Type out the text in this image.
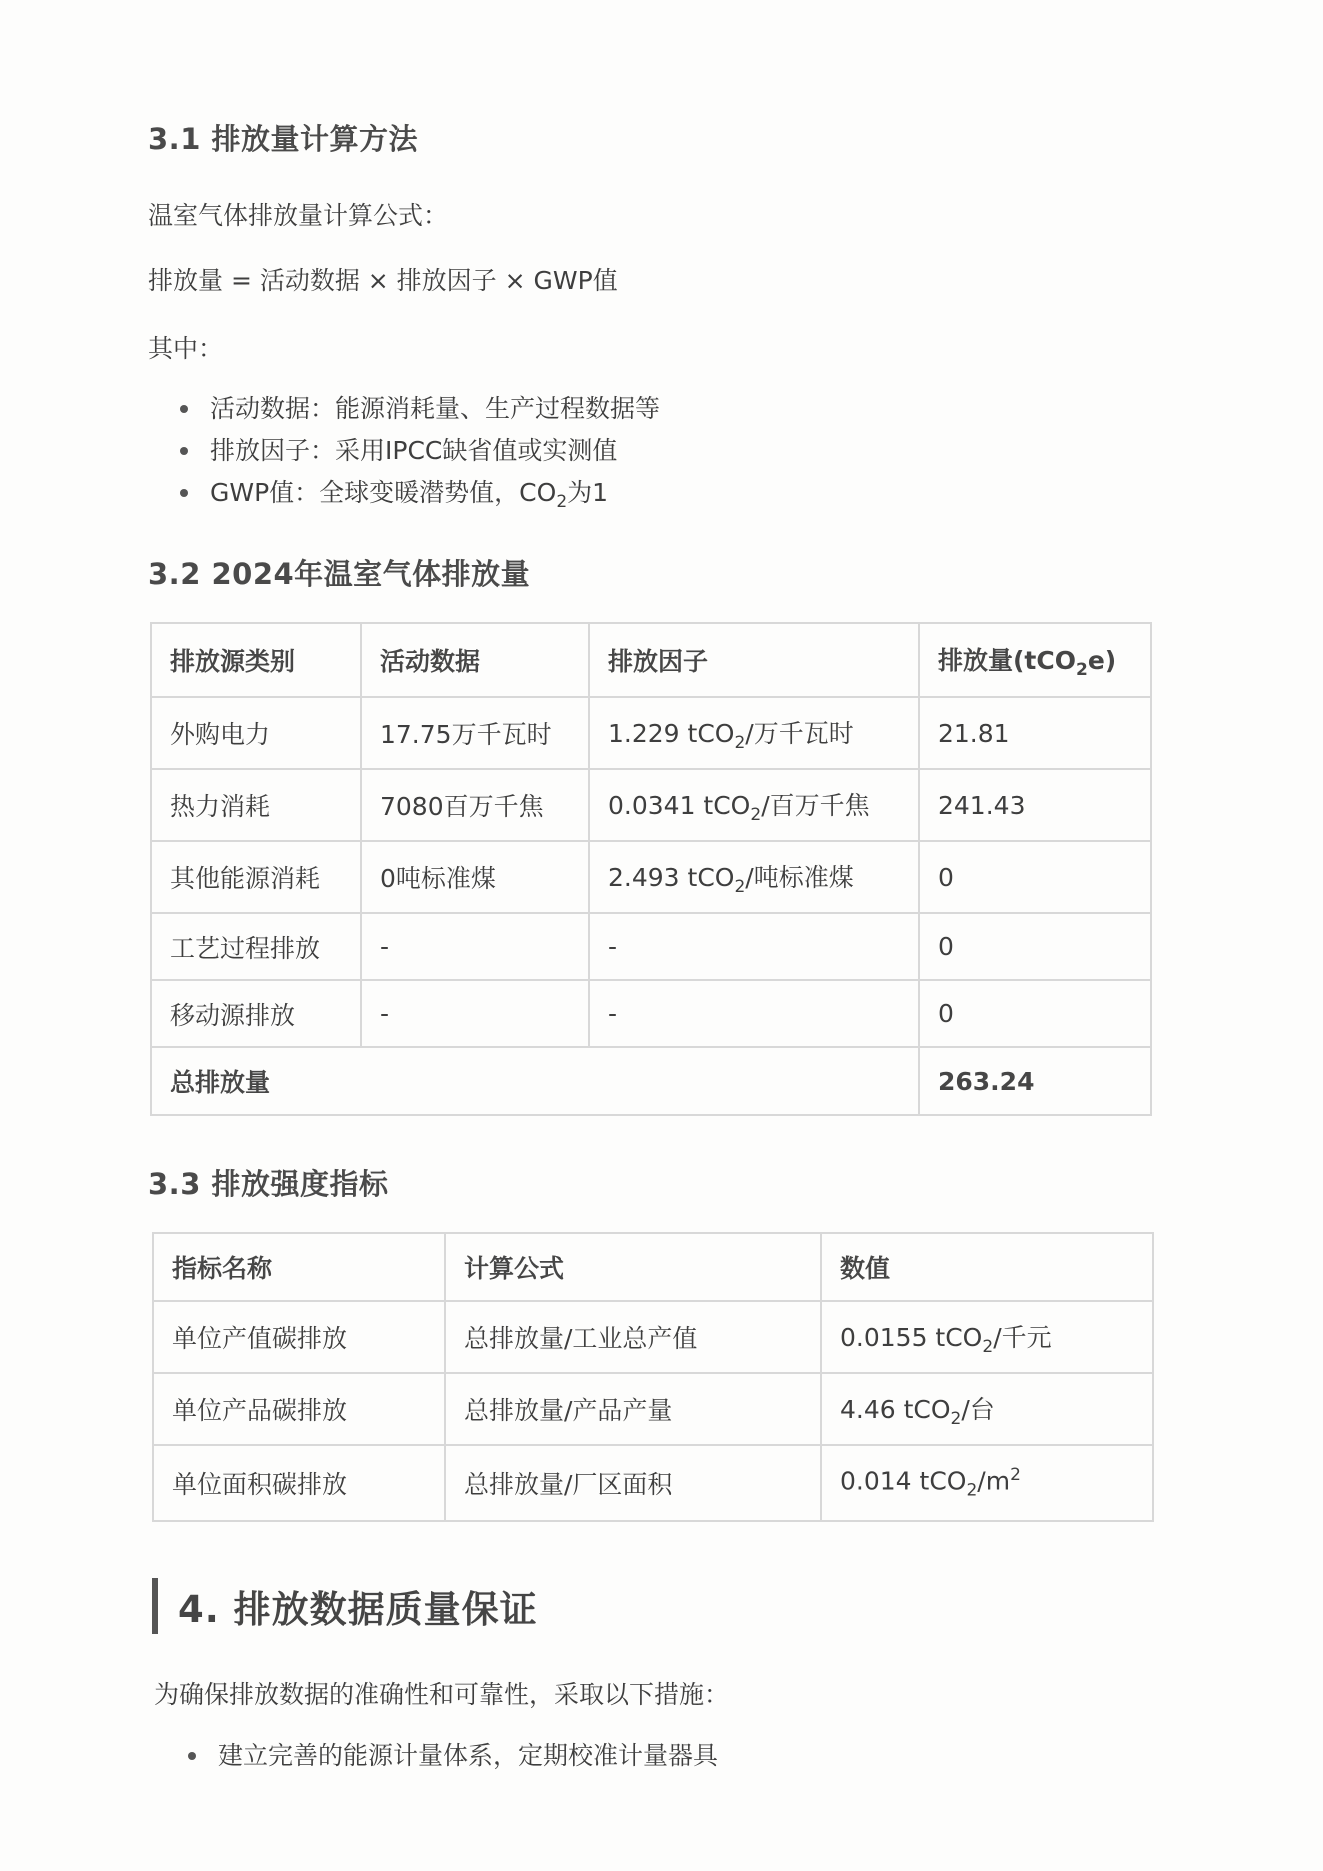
3.1 排放量计算方法
温室气体排放量计算公式：
排放量 = 活动数据 × 排放因子 × GWP值
其中：
活动数据：能源消耗量、生产过程数据等
排放因子：采用IPCC缺省值或实测值
GWP值：全球变暖潜势值，$CO_2$为1
3.2 2024年温室气体排放量
排放源类别	活动数据	排放因子	排放量(tCO$_2$e)
外购电力	17.75万千瓦时	1.229 tCO$_2$/万千瓦时	21.81
热力消耗	7080百万千焦	0.0341 tCO$_2$/百万千焦	241.43
其他能源消耗	0吨标准煤	2.493 tCO$_2$/吨标准煤	0
工艺过程排放	-	-	0
移动源排放	-	-	0
总排放量			263.24
3.3 排放强度指标
指标名称	计算公式	数值
单位产值碳排放	总排放量/工业总产值	0.0155 tCO$_2$/千元
单位产品碳排放	总排放量/产品产量	4.46 tCO$_2$/台
单位面积碳排放	总排放量/厂区面积	0.014 $tCO_2/m^2$
4. 排放数据质量保证
为确保排放数据的准确性和可靠性，采取以下措施：
建立完善的能源计量体系，定期校准计量器具
